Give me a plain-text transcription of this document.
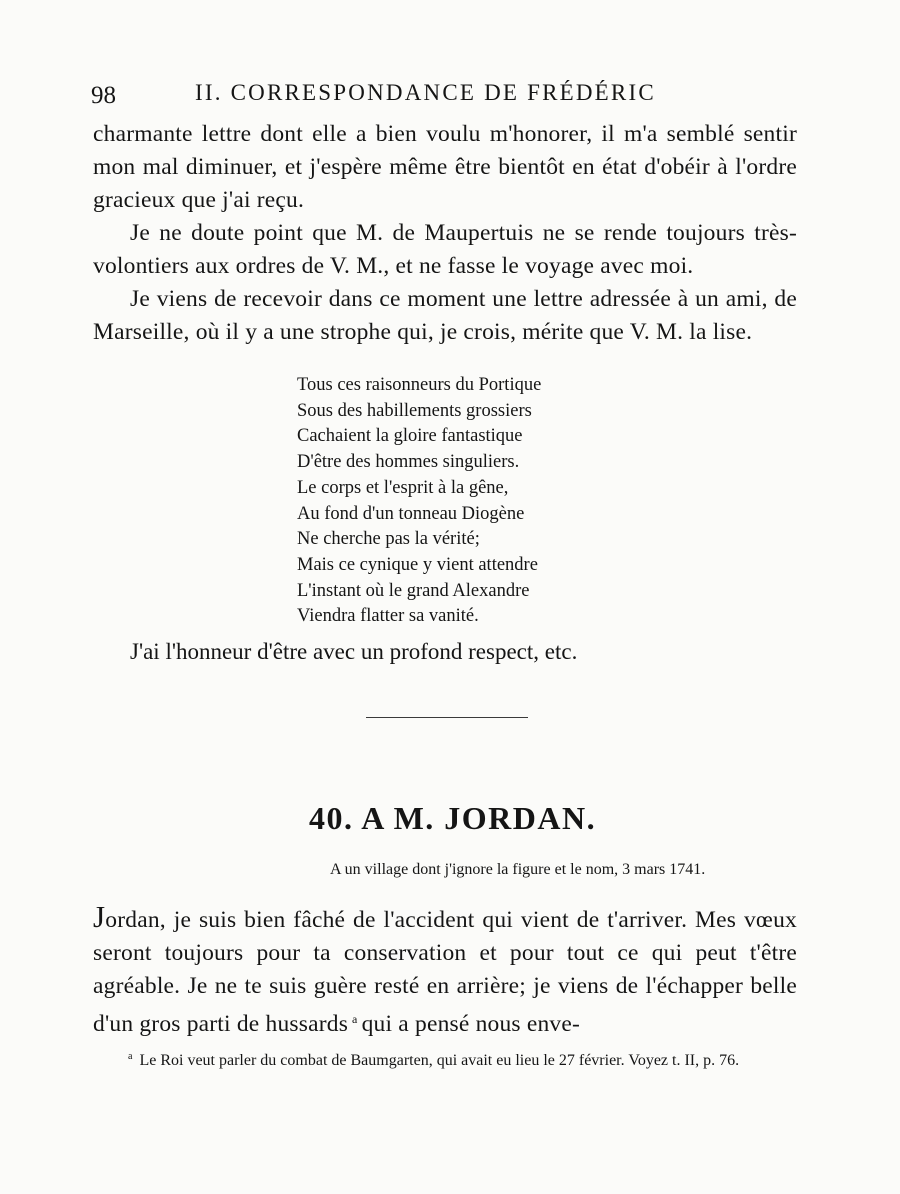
98	II. CORRESPONDANCE DE FRÉDÉRIC

charmante lettre dont elle a bien voulu m'honorer, il m'a semblé sentir mon mal diminuer, et j'espère même être bientôt en état d'obéir à l'ordre gracieux que j'ai reçu.

Je ne doute point que M. de Maupertuis ne se rende toujours très-volontiers aux ordres de V. M., et ne fasse le voyage avec moi.

Je viens de recevoir dans ce moment une lettre adressée à un ami, de Marseille, où il y a une strophe qui, je crois, mérite que V. M. la lise.

Tous ces raisonneurs du Portique
Sous des habillements grossiers
Cachaient la gloire fantastique
D'être des hommes singuliers.
Le corps et l'esprit à la gêne,
Au fond d'un tonneau Diogène
Ne cherche pas la vérité;
Mais ce cynique y vient attendre
L'instant où le grand Alexandre
Viendra flatter sa vanité.
J'ai l'honneur d'être avec un profond respect, etc.
40. A M. JORDAN.
A un village dont j'ignore la figure et le nom, 3 mars 1741.

Jordan, je suis bien fâché de l'accident qui vient de t'arriver. Mes vœux seront toujours pour ta conservation et pour tout ce qui peut t'être agréable. Je ne te suis guère resté en arrière; je viens de l'échapper belle d'un gros parti de hussards $^a$ qui a pensé nous enve-

$^a$ Le Roi veut parler du combat de Baumgarten, qui avait eu lieu le 27 février. Voyez t. II, p. 76.
